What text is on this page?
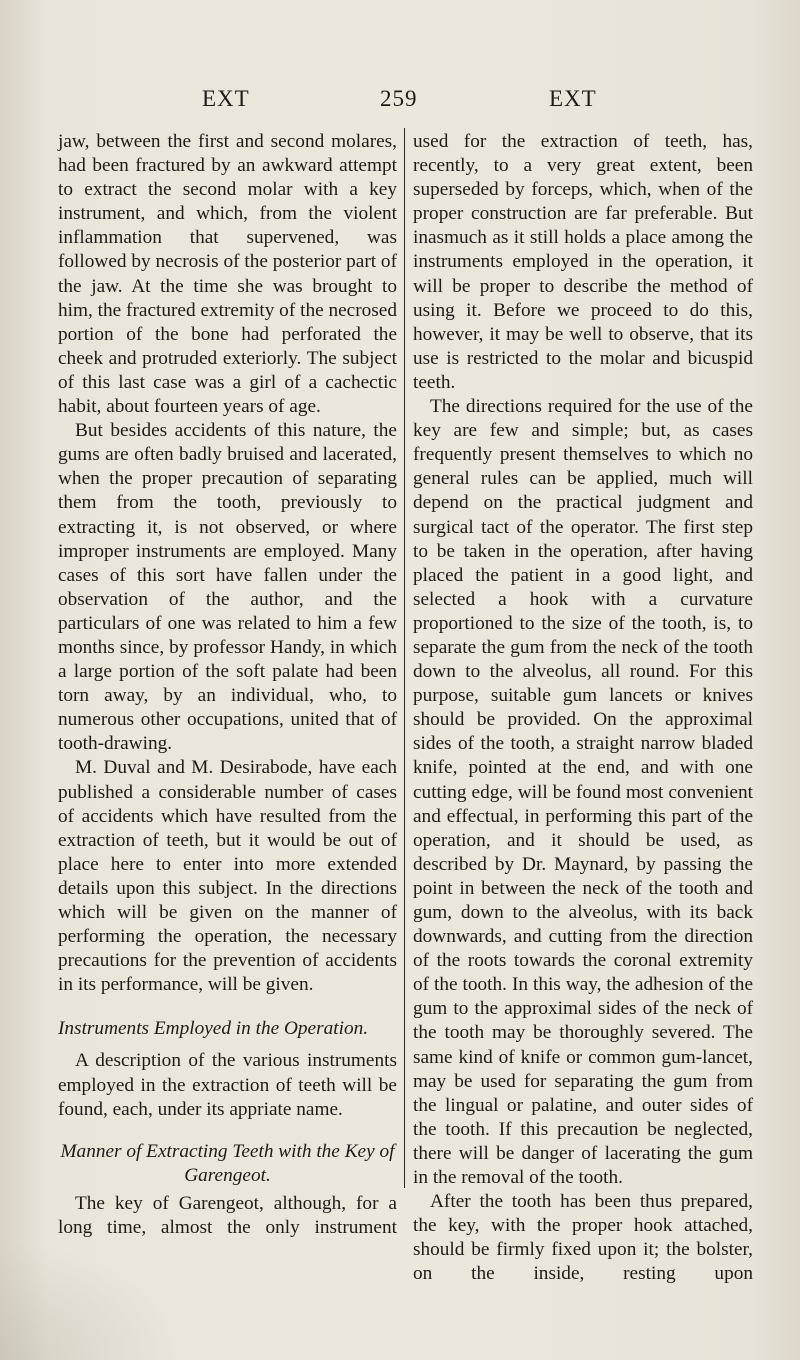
EXT	259	EXT

jaw, between the first and second molares, had been fractured by an awkward attempt to extract the second molar with a key instrument, and which, from the violent inflammation that supervened, was followed by necrosis of the posterior part of the jaw. At the time she was brought to him, the fractured extremity of the necrosed portion of the bone had perforated the cheek and protruded exteriorly. The subject of this last case was a girl of a cachectic habit, about fourteen years of age.

But besides accidents of this nature, the gums are often badly bruised and lacerated, when the proper precaution of separating them from the tooth, previously to extracting it, is not observed, or where improper instruments are employed. Many cases of this sort have fallen under the observation of the author, and the particulars of one was related to him a few months since, by professor Handy, in which a large portion of the soft palate had been torn away, by an individual, who, to numerous other occupations, united that of tooth-drawing.

M. Duval and M. Desirabode, have each published a considerable number of cases of accidents which have resulted from the extraction of teeth, but it would be out of place here to enter into more extended details upon this subject. In the directions which will be given on the manner of performing the operation, the necessary precautions for the prevention of accidents in its performance, will be given.

Instruments Employed in the Operation.

A description of the various instruments employed in the extraction of teeth will be found, each, under its appriate name.

Manner of Extracting Teeth with the Key of Garengeot.

The key of Garengeot, although, for a long time, almost the only instrument

used for the extraction of teeth, has, recently, to a very great extent, been superseded by forceps, which, when of the proper construction are far preferable. But inasmuch as it still holds a place among the instruments employed in the operation, it will be proper to describe the method of using it. Before we proceed to do this, however, it may be well to observe, that its use is restricted to the molar and bicuspid teeth.

The directions required for the use of the key are few and simple; but, as cases frequently present themselves to which no general rules can be applied, much will depend on the practical judgment and surgical tact of the operator. The first step to be taken in the operation, after having placed the patient in a good light, and selected a hook with a curvature proportioned to the size of the tooth, is, to separate the gum from the neck of the tooth down to the alveolus, all round. For this purpose, suitable gum lancets or knives should be provided. On the approximal sides of the tooth, a straight narrow bladed knife, pointed at the end, and with one cutting edge, will be found most convenient and effectual, in performing this part of the operation, and it should be used, as described by Dr. Maynard, by passing the point in between the neck of the tooth and gum, down to the alveolus, with its back downwards, and cutting from the direction of the roots towards the coronal extremity of the tooth. In this way, the adhesion of the gum to the approximal sides of the neck of the tooth may be thoroughly severed. The same kind of knife or common gum-lancet, may be used for separating the gum from the lingual or palatine, and outer sides of the tooth. If this precaution be neglected, there will be danger of lacerating the gum in the removal of the tooth.

After the tooth has been thus prepared, the key, with the proper hook attached, should be firmly fixed upon it; the bolster, on the inside, resting upon
